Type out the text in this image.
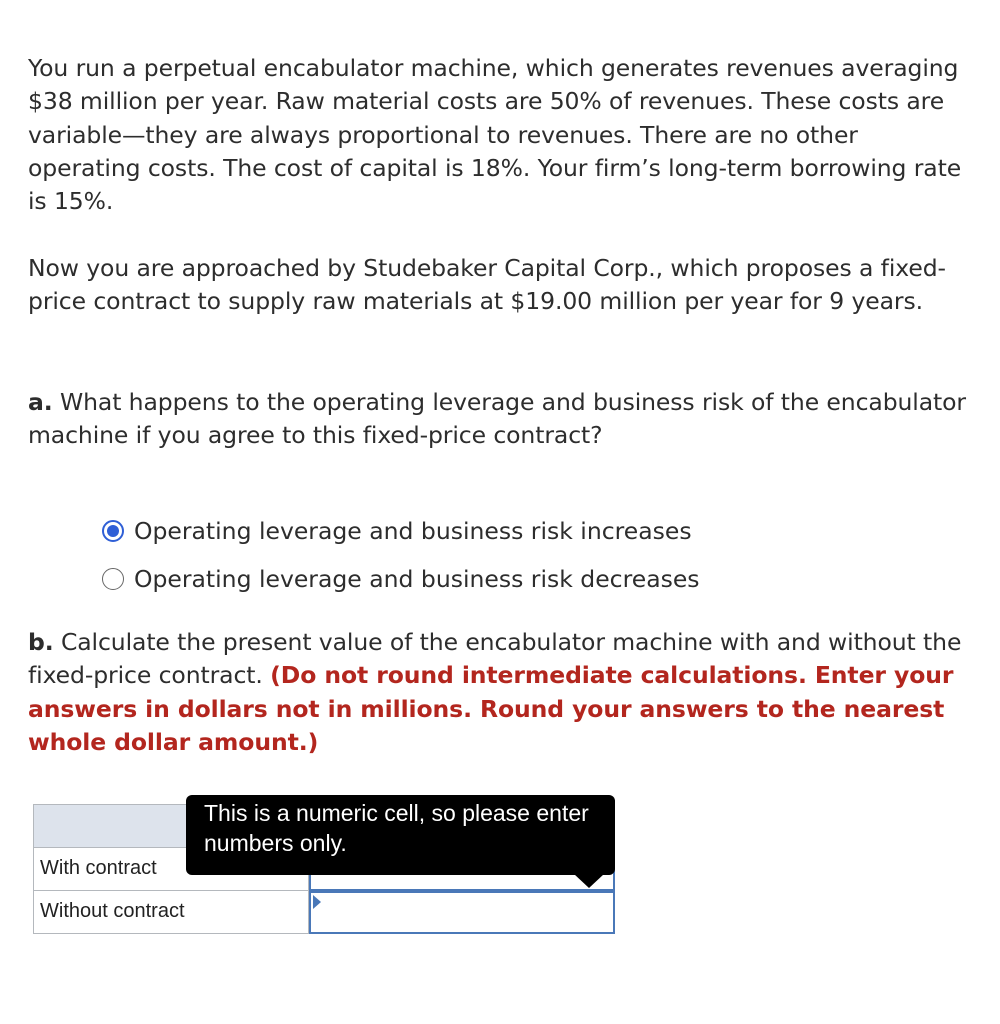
You run a perpetual encabulator machine, which generates revenues averaging $38 million per year. Raw material costs are 50% of revenues. These costs are variable—they are always proportional to revenues. There are no other operating costs. The cost of capital is 18%. Your firm’s long-term borrowing rate is 15%.

Now you are approached by Studebaker Capital Corp., which proposes a fixed-price contract to supply raw materials at $19.00 million per year for 9 years.

a. What happens to the operating leverage and business risk of the encabulator machine if you agree to this fixed-price contract?

Operating leverage and business risk increases
Operating leverage and business risk decreases

b. Calculate the present value of the encabulator machine with and without the fixed-price contract. (Do not round intermediate calculations. Enter your answers in dollars not in millions. Round your answers to the nearest whole dollar amount.)

With contract
Without contract
This is a numeric cell, so please enter numbers only.
